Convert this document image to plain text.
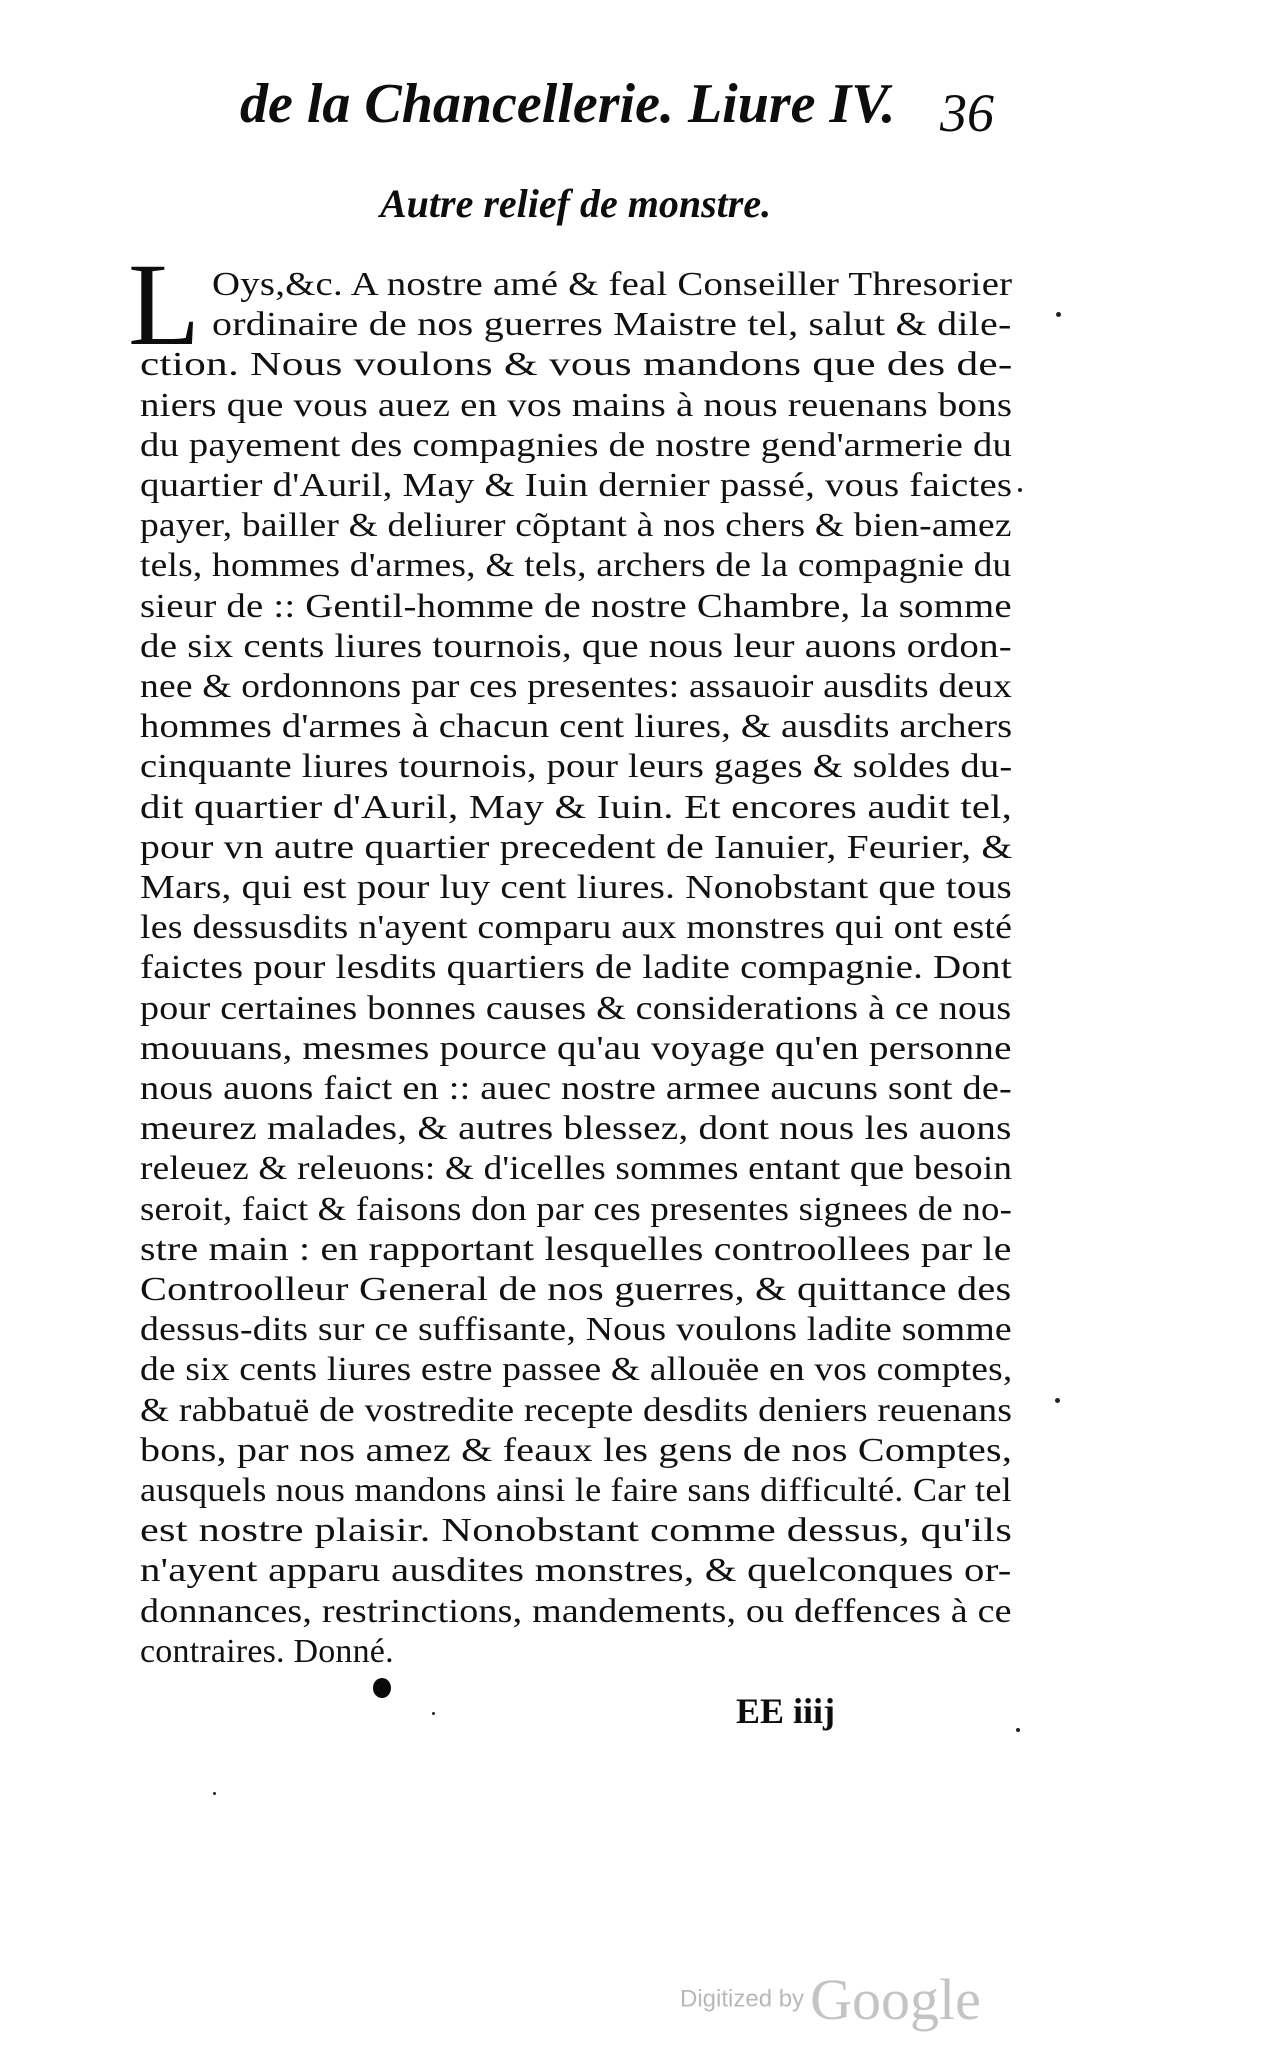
de la Chancellerie. Liure IV. 36
Autre relief de monstre.
L Oys,&c. A nostre amé & feal Conseiller Thresorier
ordinaire de nos guerres Maistre tel, salut & dile-
ction. Nous voulons & vous mandons que des de-
niers que vous auez en vos mains à nous reuenans bons
du payement des compagnies de nostre gend'armerie du
quartier d'Auril, May & Iuin dernier passé, vous faictes
payer, bailler & deliurer cõptant à nos chers & bien-amez
tels, hommes d'armes, & tels, archers de la compagnie du
sieur de :: Gentil-homme de nostre Chambre, la somme
de six cents liures tournois, que nous leur auons ordon-
nee & ordonnons par ces presentes: assauoir ausdits deux
hommes d'armes à chacun cent liures, & ausdits archers
cinquante liures tournois, pour leurs gages & soldes du-
dit quartier d'Auril, May & Iuin. Et encores audit tel,
pour vn autre quartier precedent de Ianuier, Feurier, &
Mars, qui est pour luy cent liures. Nonobstant que tous
les dessusdits n'ayent comparu aux monstres qui ont esté
faictes pour lesdits quartiers de ladite compagnie. Dont
pour certaines bonnes causes & considerations à ce nous
mouuans, mesmes pource qu'au voyage qu'en personne
nous auons faict en :: auec nostre armee aucuns sont de-
meurez malades, & autres blessez, dont nous les auons
releuez & releuons: & d'icelles sommes entant que besoin
seroit, faict & faisons don par ces presentes signees de no-
stre main : en rapportant lesquelles controollees par le
Controolleur General de nos guerres, & quittance des
dessus-dits sur ce suffisante, Nous voulons ladite somme
de six cents liures estre passee & allouëe en vos comptes,
& rabbatuë de vostredite recepte desdits deniers reuenans
bons, par nos amez & feaux les gens de nos Comptes,
ausquels nous mandons ainsi le faire sans difficulté. Car tel
est nostre plaisir. Nonobstant comme dessus, qu'ils
n'ayent apparu ausdites monstres, & quelconques or-
donnances, restrinctions, mandements, ou deffences à ce
contraires. Donné.
EE iiij
Digitized by Google
